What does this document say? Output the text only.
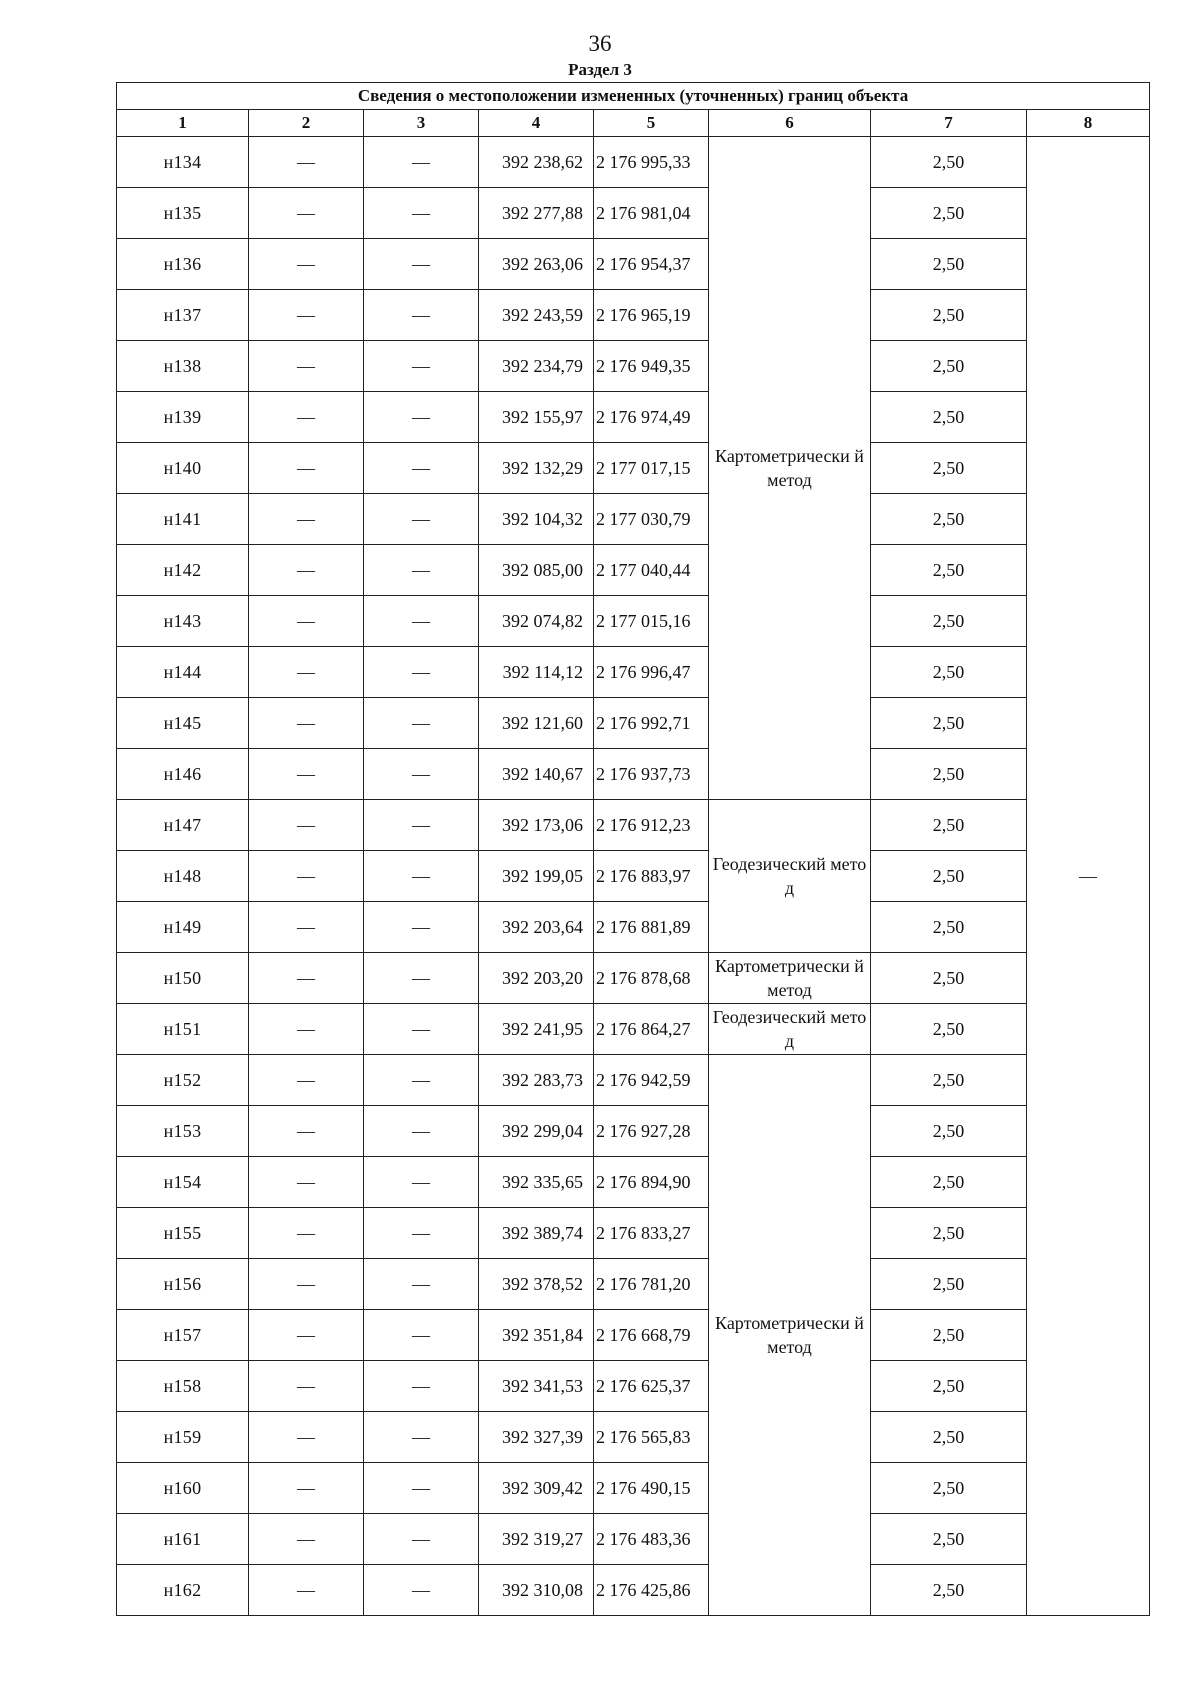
36
Раздел 3
Сведения о местоположении измененных (уточненных) границ объекта							
1	2	3	4	5	6	7	8
н134	—	—	392 238,62	2 176 995,33	Картометрически й метод	2,50	—
н135	—	—	392 277,88	2 176 981,04		2,50	
н136	—	—	392 263,06	2 176 954,37		2,50	
н137	—	—	392 243,59	2 176 965,19		2,50	
н138	—	—	392 234,79	2 176 949,35		2,50	
н139	—	—	392 155,97	2 176 974,49		2,50	
н140	—	—	392 132,29	2 177 017,15		2,50	
н141	—	—	392 104,32	2 177 030,79		2,50	
н142	—	—	392 085,00	2 177 040,44		2,50	
н143	—	—	392 074,82	2 177 015,16		2,50	
н144	—	—	392 114,12	2 176 996,47		2,50	
н145	—	—	392 121,60	2 176 992,71		2,50	
н146	—	—	392 140,67	2 176 937,73		2,50	
н147	—	—	392 173,06	2 176 912,23	Геодезический метод	2,50	
н148	—	—	392 199,05	2 176 883,97		2,50	
н149	—	—	392 203,64	2 176 881,89		2,50	
н150	—	—	392 203,20	2 176 878,68	Картометрически й метод	2,50	
н151	—	—	392 241,95	2 176 864,27	Геодезический метод	2,50	
н152	—	—	392 283,73	2 176 942,59	Картометрически й метод	2,50	
н153	—	—	392 299,04	2 176 927,28		2,50	
н154	—	—	392 335,65	2 176 894,90		2,50	
н155	—	—	392 389,74	2 176 833,27		2,50	
н156	—	—	392 378,52	2 176 781,20		2,50	
н157	—	—	392 351,84	2 176 668,79		2,50	
н158	—	—	392 341,53	2 176 625,37		2,50	
н159	—	—	392 327,39	2 176 565,83		2,50	
н160	—	—	392 309,42	2 176 490,15		2,50	
н161	—	—	392 319,27	2 176 483,36		2,50	
н162	—	—	392 310,08	2 176 425,86		2,50	
